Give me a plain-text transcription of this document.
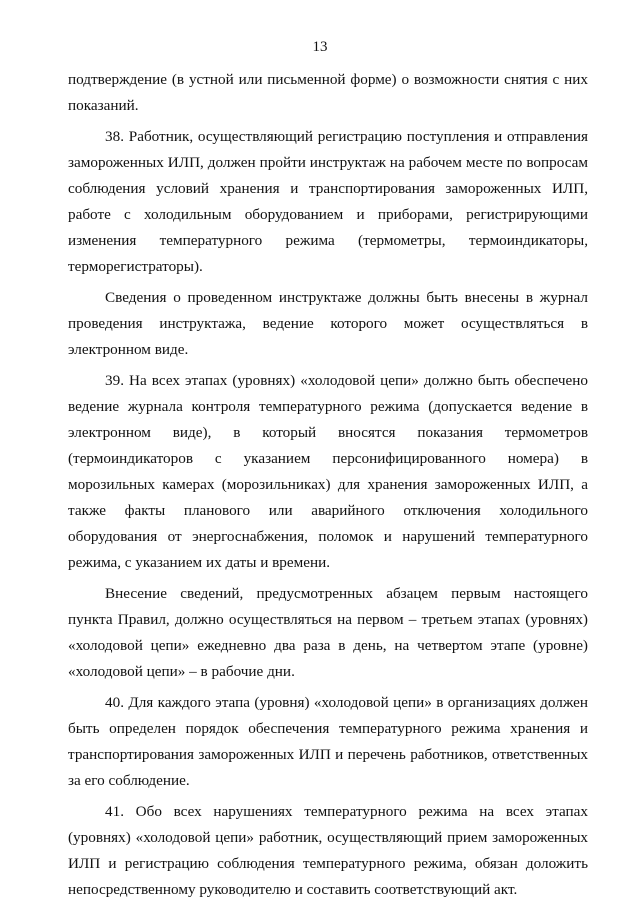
13

подтверждение (в устной или письменной форме) о возможности снятия с них показаний.

38. Работник, осуществляющий регистрацию поступления и отправления замороженных ИЛП, должен пройти инструктаж на рабочем месте по вопросам соблюдения условий хранения и транспортирования замороженных ИЛП, работе с холодильным оборудованием и приборами, регистрирующими изменения температурного режима (термометры, термоиндикаторы, терморегистраторы).

Сведения о проведенном инструктаже должны быть внесены в журнал проведения инструктажа, ведение которого может осуществляться в электронном виде.

39. На всех этапах (уровнях) «холодовой цепи» должно быть обеспечено ведение журнала контроля температурного режима (допускается ведение в электронном виде), в который вносятся показания термометров (термоиндикаторов с указанием персонифицированного номера) в морозильных камерах (морозильниках) для хранения замороженных ИЛП, а также факты планового или аварийного отключения холодильного оборудования от энергоснабжения, поломок и нарушений температурного режима, с указанием их даты и времени.

Внесение сведений, предусмотренных абзацем первым настоящего пункта Правил, должно осуществляться на первом – третьем этапах (уровнях) «холодовой цепи» ежедневно два раза в день, на четвертом этапе (уровне) «холодовой цепи» – в рабочие дни.

40. Для каждого этапа (уровня) «холодовой цепи» в организациях должен быть определен порядок обеспечения температурного режима хранения и транспортирования замороженных ИЛП и перечень работников, ответственных за его соблюдение.

41. Обо всех нарушениях температурного режима на всех этапах (уровнях) «холодовой цепи» работник, осуществляющий прием замороженных ИЛП и регистрацию соблюдения температурного режима, обязан доложить непосредственному руководителю и составить соответствующий акт.
